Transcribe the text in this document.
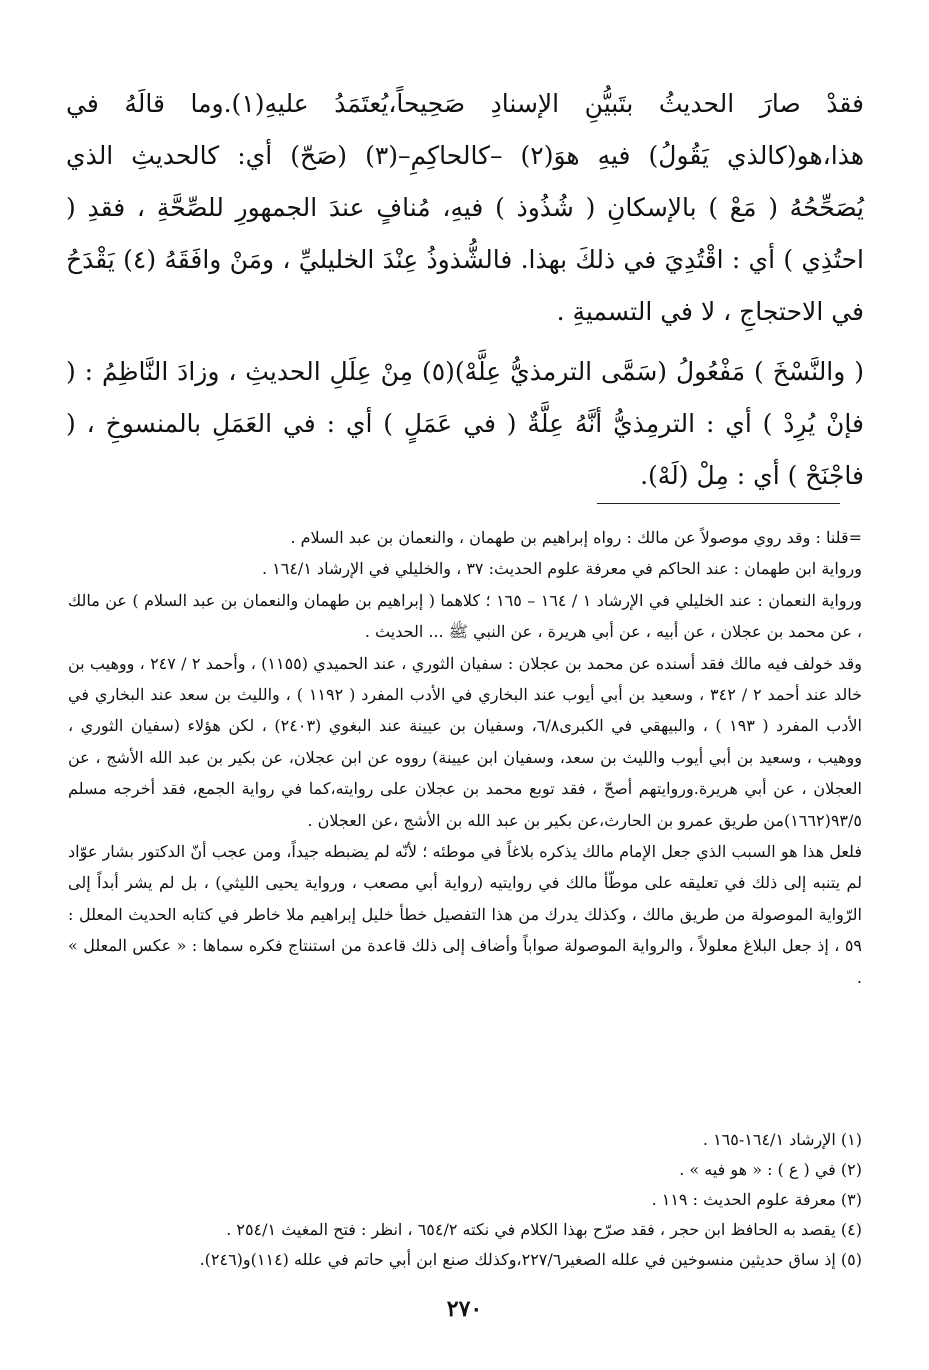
فقدْ صارَ الحديثُ بتَبيُّنِ الإسنادِ صَحِيحاً،يُعتَمَدُ عليهِ(١).وما قالَهُ في هذا،هو(كالذي يَقُولُ) فيهِ هوَ(٢) –كالحاكِمِ–(٣) (صَحّ) أي: كالحديثِ الذي يُصَحِّحُهُ ( مَعْ ) بالإسكانِ ( شُذُوذ ) فيهِ، مُنافٍ عندَ الجمهورِ للصِّحَّةِ ، فقدِ ( احتُذِي ) أي : اقْتُدِيَ في ذلكَ بهذا. فالشُّذوذُ عِنْدَ الخليليِّ ، ومَنْ وافَقَهُ (٤) يَقْدَحُ في الاحتجاجِ ، لا في التسميةِ .

( والنَّسْخَ ) مَفْعُولُ (سَمَّى الترمذيُّ عِلَّهْ)(٥) مِنْ عِلَلِ الحديثِ ، وزادَ النَّاظِمُ : ( فإنْ يُرِدْ ) أي : الترمِذيُّ أنَّهُ عِلَّةٌ ( في عَمَلٍ ) أي : في العَمَلِ بالمنسوخِ ، ( فاجْنَحْ ) أي : مِلْ (لَهْ).

=قلنا : وقد روي موصولاً عن مالك : رواه إبراهيم بن طهمان ، والنعمان بن عبد السلام .

ورواية ابن طهمان : عند الحاكم في معرفة علوم الحديث: ٣٧ ، والخليلي في الإرشاد ١٦٤/١ .

ورواية النعمان : عند الخليلي في الإرشاد ١ / ١٦٤ – ١٦٥ ؛ كلاهما ( إبراهيم بن طهمان والنعمان بن عبد السلام ) عن مالك ، عن محمد بن عجلان ، عن أبيه ، عن أبي هريرة ، عن النبي ﷺ ... الحديث .

وقد خولف فيه مالك فقد أسنده عن محمد بن عجلان : سفيان الثوري ، عند الحميدي (١١٥٥) ، وأحمد ٢ / ٢٤٧ ، ووهيب بن خالد عند أحمد ٢ / ٣٤٢ ، وسعيد بن أبي أيوب عند البخاري في الأدب المفرد ( ١١٩٢ ) ، والليث بن سعد عند البخاري في الأدب المفرد ( ١٩٣ ) ، والبيهقي في الكبرى٦/٨، وسفيان بن عيينة عند البغوي (٢٤٠٣) ، لكن هؤلاء (سفيان الثوري ، ووهيب ، وسعيد بن أبي أيوب والليث بن سعد، وسفيان ابن عيينة) رووه عن ابن عجلان، عن بكير بن عبد الله الأشج ، عن العجلان ، عن أبي هريرة.وروايتهم أصحّ ، فقد توبع محمد بن عجلان على روايته،كما في رواية الجمع، فقد أخرجه مسلم ٩٣/٥(١٦٦٢)من طريق عمرو بن الحارث،عن بكير بن عبد الله بن الأشج ،عن العجلان .

فلعل هذا هو السبب الذي جعل الإمام مالك يذكره بلاغاً في موطئه ؛ لأنّه لم يضبطه جيداً، ومن عجب أنّ الدكتور بشار عوّاد لم يتنبه إلى ذلك في تعليقه على موطّأ مالك في روايتيه (رواية أبي مصعب ، ورواية يحيى الليثي) ، بل لم يشر أبداً إلى الرّواية الموصولة من طريق مالك ، وكذلك يدرك من هذا التفصيل خطأ خليل إبراهيم ملا خاطر في كتابه الحديث المعلل : ٥٩ ، إذ جعل البلاغ معلولاً ، والرواية الموصولة صواباً وأضاف إلى ذلك قاعدة من استنتاج فكره سماها : « عكس المعلل » .

(١) الإرشاد ١٦٤/١-١٦٥ .

(٢) في ( ع ) : « هو فيه » .

(٣) معرفة علوم الحديث : ١١٩ .

(٤) يقصد به الحافظ ابن حجر ، فقد صرّح بهذا الكلام في نكته ٦٥٤/٢ ، انظر : فتح المغيث ٢٥٤/١ .

(٥) إذ ساق حديثين منسوخين في علله الصغير٢٢٧/٦،وكذلك صنع ابن أبي حاتم في علله (١١٤)و(٢٤٦).

٢٧٠
